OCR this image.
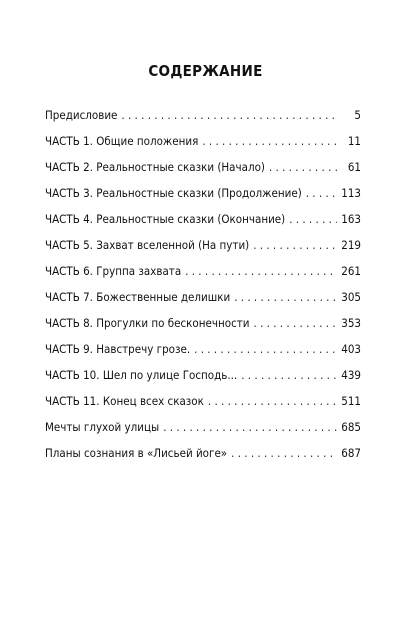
СОДЕРЖАНИЕ
Предисловие . . .	5
ЧАСТЬ 1. Общие положения . . .	11
ЧАСТЬ 2. Реальностные сказки (Начало) . . .	61
ЧАСТЬ 3. Реальностные сказки (Продолжение) . . .	113
ЧАСТЬ 4. Реальностные сказки (Окончание) . . .	163
ЧАСТЬ 5. Захват вселенной (На пути) . . .	219
ЧАСТЬ 6. Группа захвата . . .	261
ЧАСТЬ 7. Божественные делишки . . .	305
ЧАСТЬ 8. Прогулки по бесконечности . . .	353
ЧАСТЬ 9. Навстречу грозе. . . .	403
ЧАСТЬ 10. Шел по улице Господь... . . .	439
ЧАСТЬ 11. Конец всех сказок . . .	511
Мечты глухой улицы . . .	685
Планы сознания в «Лисьей йоге» . . .	687
